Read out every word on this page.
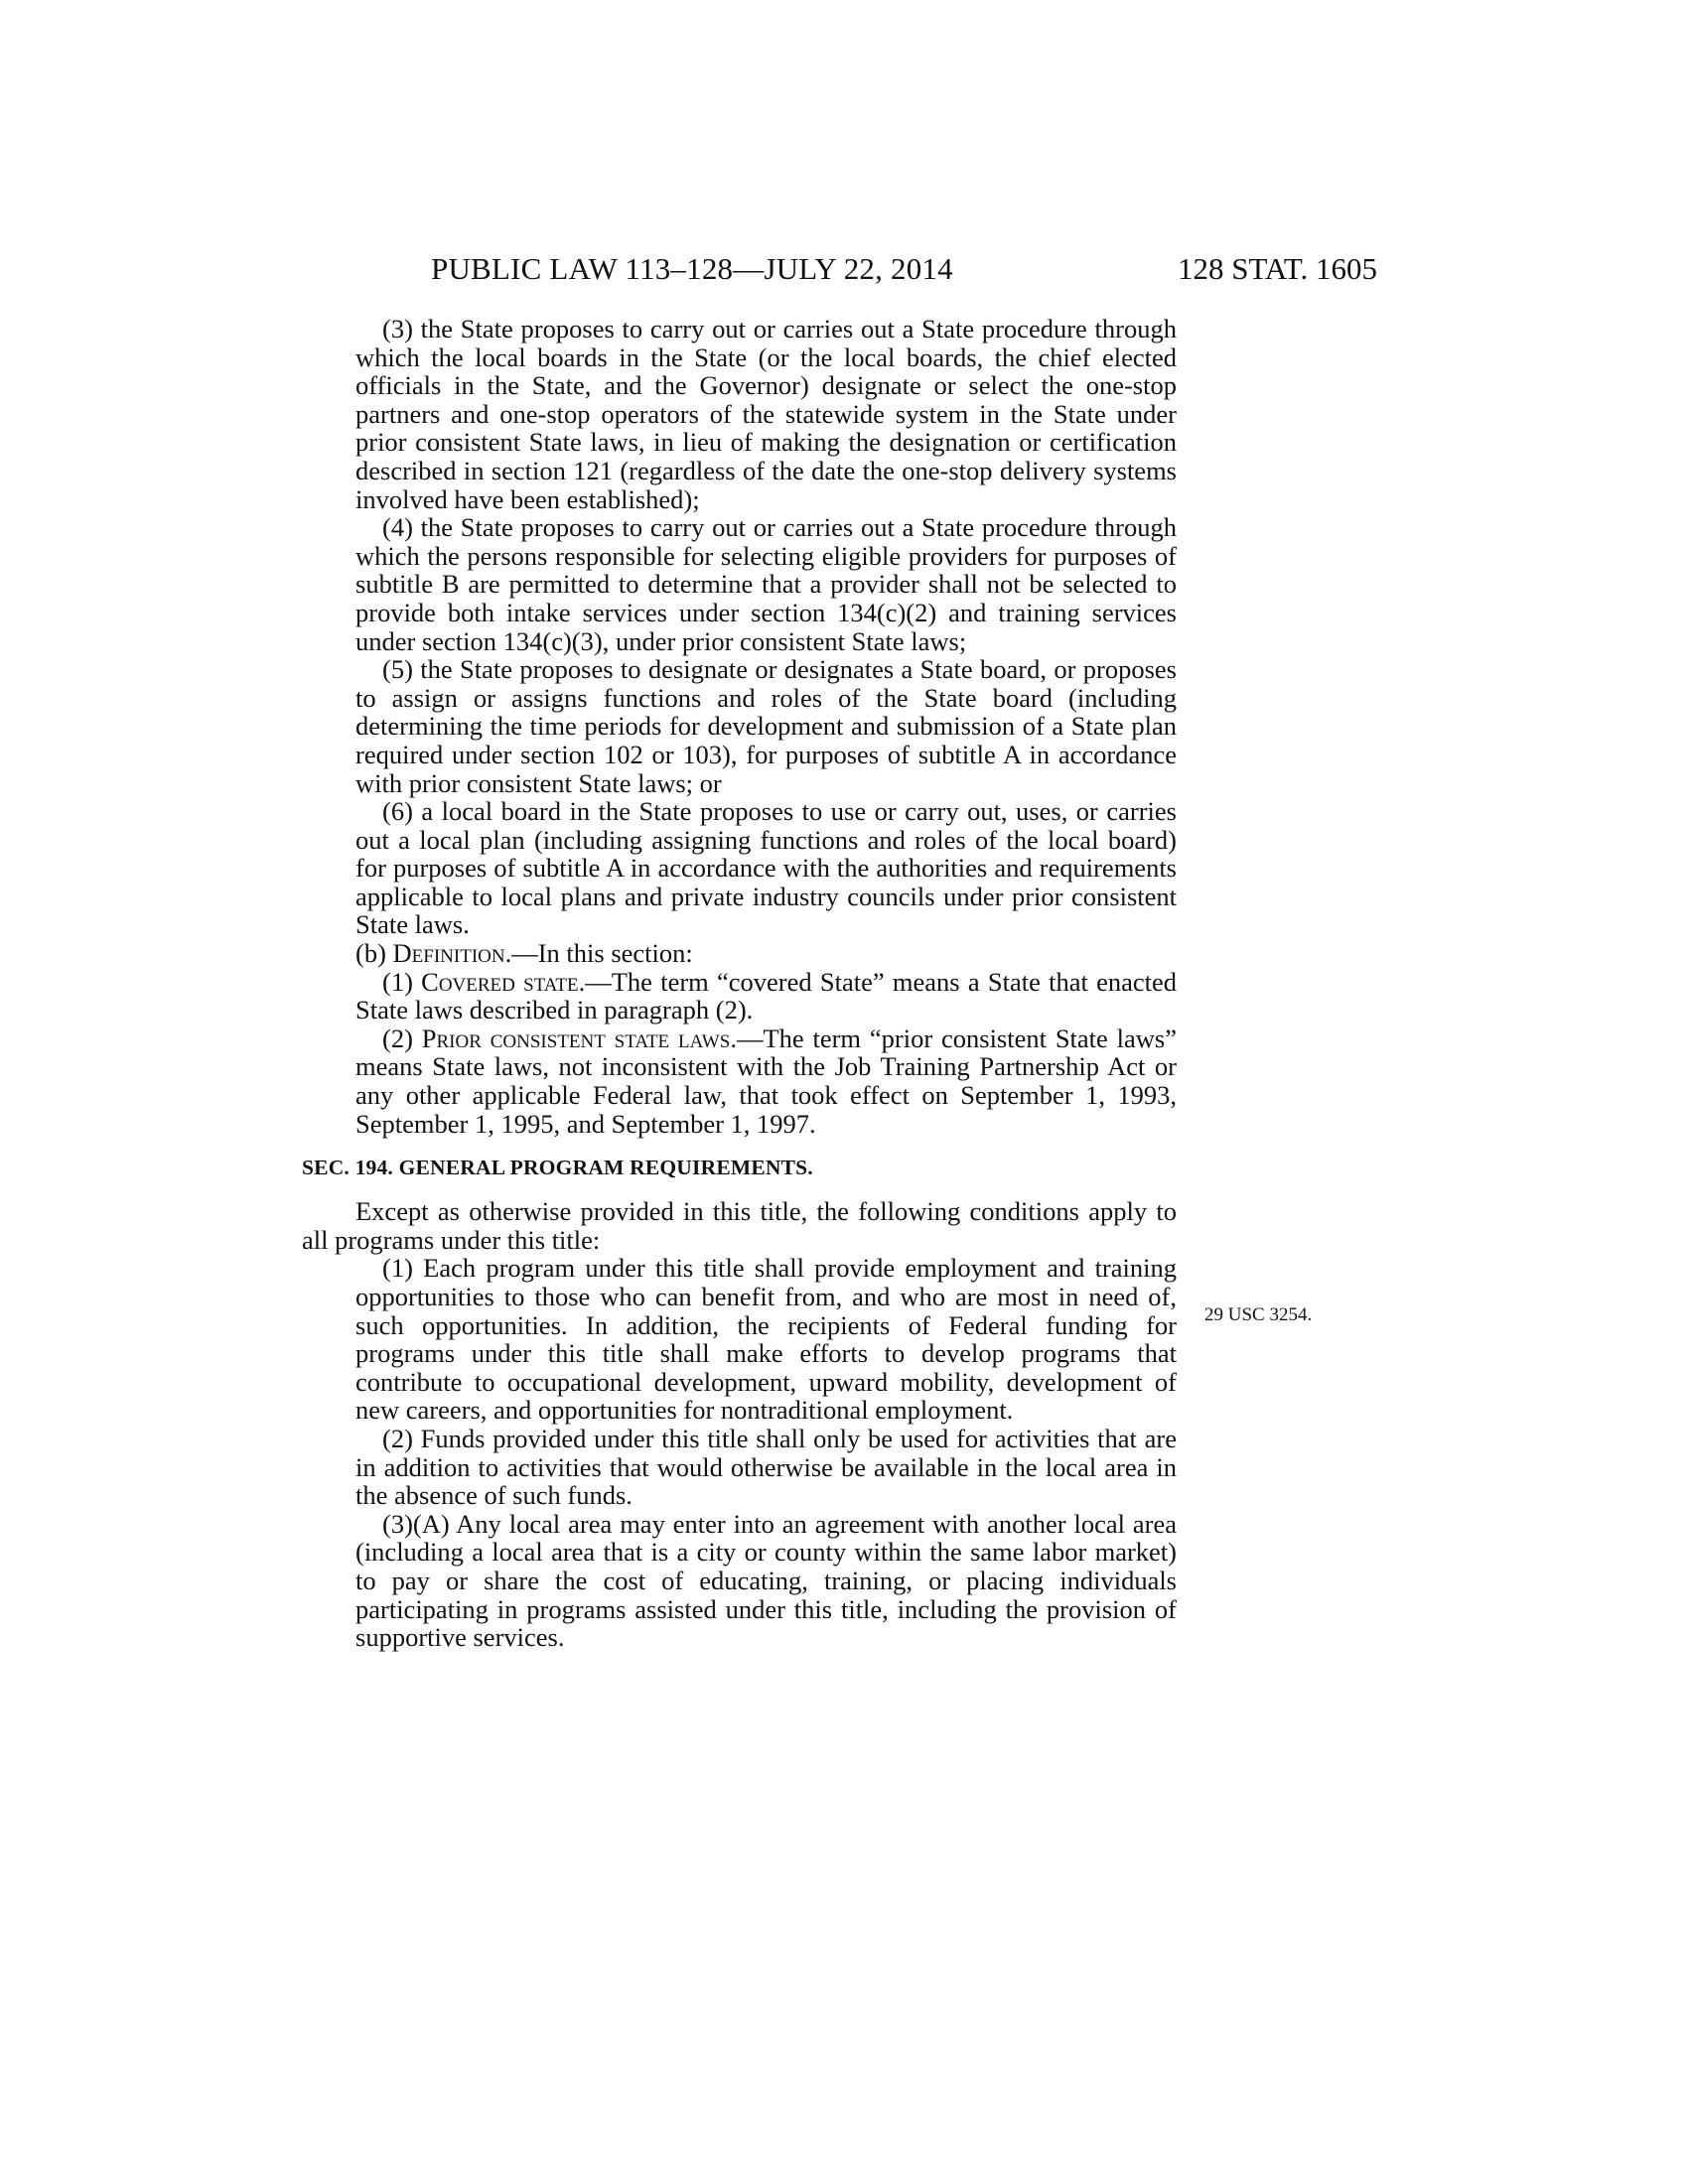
PUBLIC LAW 113–128—JULY 22, 2014	128 STAT. 1605

(3) the State proposes to carry out or carries out a State procedure through which the local boards in the State (or the local boards, the chief elected officials in the State, and the Governor) designate or select the one-stop partners and one-stop operators of the statewide system in the State under prior consistent State laws, in lieu of making the designation or certification described in section 121 (regardless of the date the one-stop delivery systems involved have been established);

(4) the State proposes to carry out or carries out a State procedure through which the persons responsible for selecting eligible providers for purposes of subtitle B are permitted to determine that a provider shall not be selected to provide both intake services under section 134(c)(2) and training services under section 134(c)(3), under prior consistent State laws;

(5) the State proposes to designate or designates a State board, or proposes to assign or assigns functions and roles of the State board (including determining the time periods for development and submission of a State plan required under section 102 or 103), for purposes of subtitle A in accordance with prior consistent State laws; or

(6) a local board in the State proposes to use or carry out, uses, or carries out a local plan (including assigning functions and roles of the local board) for purposes of subtitle A in accordance with the authorities and requirements applicable to local plans and private industry councils under prior consistent State laws.

(b) Definition.—In this section:

(1) Covered state.—The term “covered State” means a State that enacted State laws described in paragraph (2).

(2) Prior consistent state laws.—The term “prior consistent State laws” means State laws, not inconsistent with the Job Training Partnership Act or any other applicable Federal law, that took effect on September 1, 1993, September 1, 1995, and September 1, 1997.

SEC. 194. GENERAL PROGRAM REQUIREMENTS.

Except as otherwise provided in this title, the following conditions apply to all programs under this title:

(1) Each program under this title shall provide employment and training opportunities to those who can benefit from, and who are most in need of, such opportunities. In addition, the recipients of Federal funding for programs under this title shall make efforts to develop programs that contribute to occupational development, upward mobility, development of new careers, and opportunities for nontraditional employment.

(2) Funds provided under this title shall only be used for activities that are in addition to activities that would otherwise be available in the local area in the absence of such funds.

(3)(A) Any local area may enter into an agreement with another local area (including a local area that is a city or county within the same labor market) to pay or share the cost of educating, training, or placing individuals participating in programs assisted under this title, including the provision of supportive services.

29 USC 3254.
